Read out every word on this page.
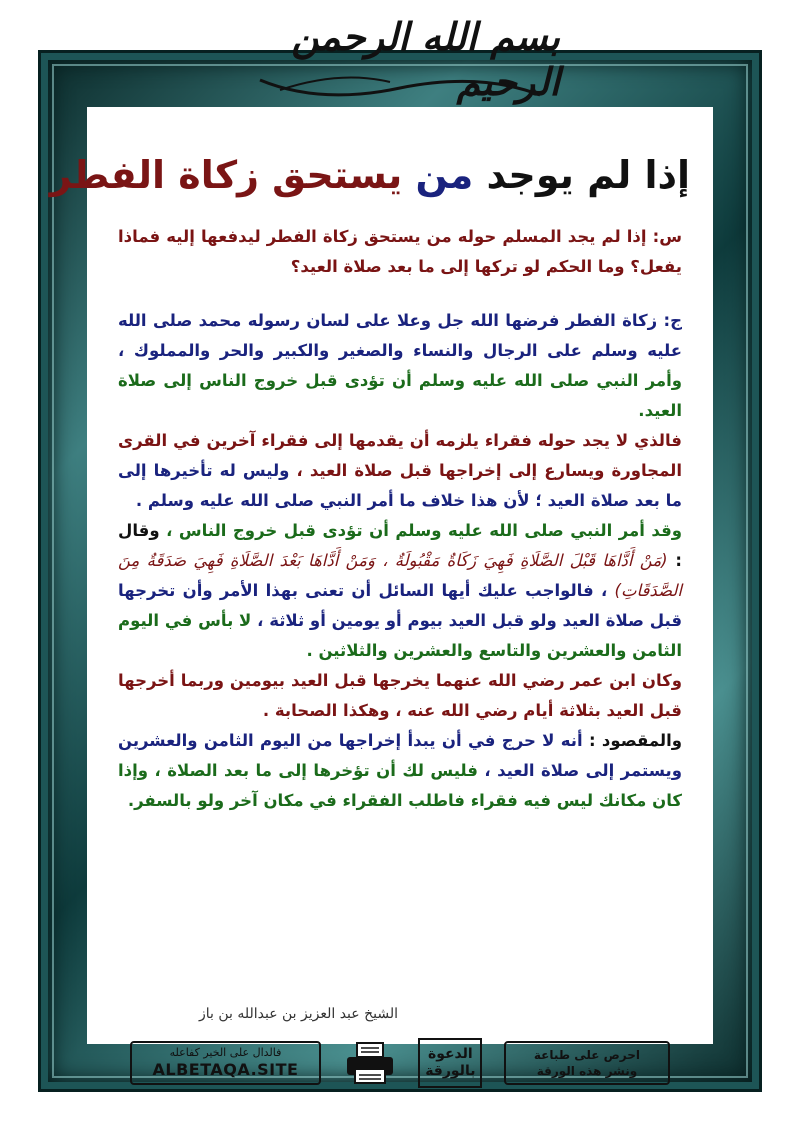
بسم الله الرحمن الرحيم
إذا لم يوجد من يستحق زكاة الفطر

س: إذا لم يجد المسلم حوله من يستحق زكاة الفطر ليدفعها إليه فماذا يفعل؟ وما الحكم لو تركها إلى ما بعد صلاة العيد؟

ج: زكاة الفطر فرضها الله جل وعلا على لسان رسوله محمد صلى الله عليه وسلم على الرجال والنساء والصغير والكبير والحر والمملوك ، وأمر النبي صلى الله عليه وسلم أن تؤدى قبل خروج الناس إلى صلاة العيد.

فالذي لا يجد حوله فقراء يلزمه أن يقدمها إلى فقراء آخرين في القرى المجاورة ويسارع إلى إخراجها قبل صلاة العيد ، وليس له تأخيرها إلى ما بعد صلاة العيد ؛ لأن هذا خلاف ما أمر النبي صلى الله عليه وسلم .

وقد أمر النبي صلى الله عليه وسلم أن تؤدى قبل خروج الناس ، وقال : (مَنْ أَدَّاهَا قَبْلَ الصَّلَاةِ فَهِيَ زَكَاةٌ مَقْبُولَةٌ ، وَمَنْ أَدَّاهَا بَعْدَ الصَّلَاةِ فَهِيَ صَدَقَةٌ مِنَ الصَّدَقَاتِ) ، فالواجب عليك أيها السائل أن تعنى بهذا الأمر وأن تخرجها قبل صلاة العيد ولو قبل العيد بيوم أو يومين أو ثلاثة ، لا بأس في اليوم الثامن والعشرين والتاسع والعشرين والثلاثين .

وكان ابن عمر رضي الله عنهما يخرجها قبل العيد بيومين وربما أخرجها قبل العيد بثلاثة أيام رضي الله عنه ، وهكذا الصحابة .

والمقصود : أنه لا حرج في أن يبدأ إخراجها من اليوم الثامن والعشرين ويستمر إلى صلاة العيد ، فليس لك أن تؤخرها إلى ما بعد الصلاة ، وإذا كان مكانك ليس فيه فقراء فاطلب الفقراء في مكان آخر ولو بالسفر.

الشيخ عبد العزيز بن عبدالله بن باز
فالدال على الخير كفاعله
ALBETAQA.SITE
الدعوة
بالورقة
احرص على طباعة
ونشر هذه الورقة
